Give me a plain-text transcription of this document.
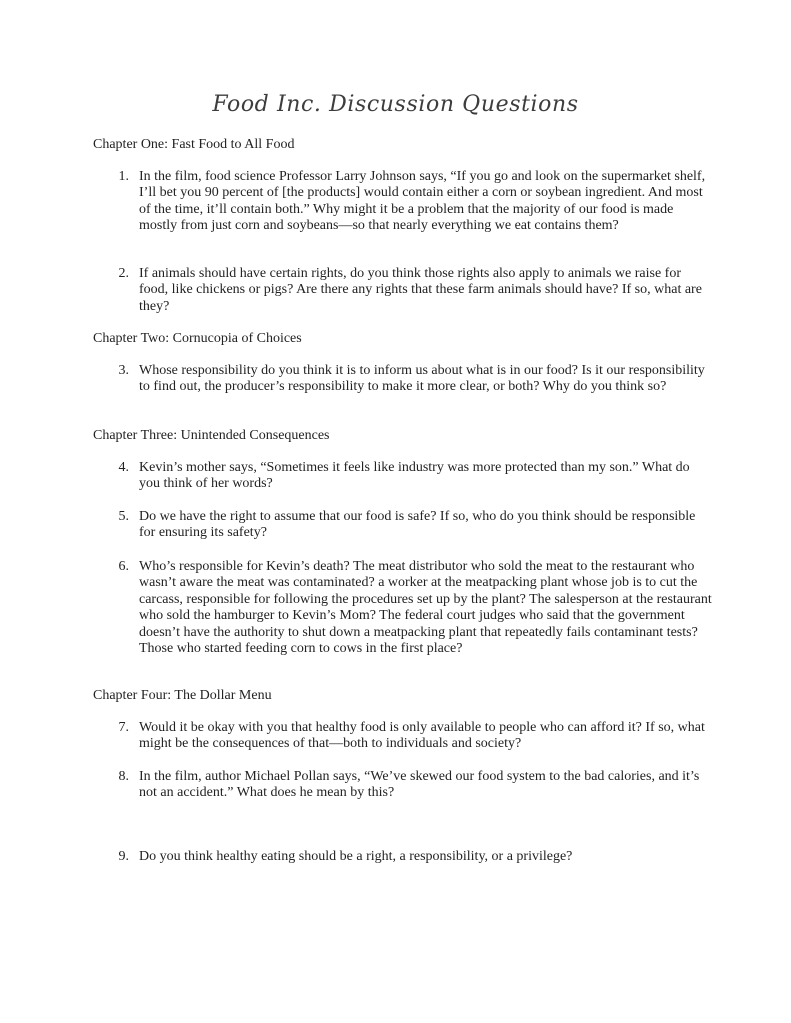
Food Inc. Discussion Questions
Chapter One: Fast Food to All Food
1. In the film, food science Professor Larry Johnson says, “If you go and look on the supermarket shelf, I’ll bet you 90 percent of [the products] would contain either a corn or soybean ingredient. And most of the time, it’ll contain both.” Why might it be a problem that the majority of our food is made mostly from just corn and soybeans—so that nearly everything we eat contains them?
2. If animals should have certain rights, do you think those rights also apply to animals we raise for food, like chickens or pigs? Are there any rights that these farm animals should have? If so, what are they?
Chapter Two: Cornucopia of Choices
3. Whose responsibility do you think it is to inform us about what is in our food? Is it our responsibility to find out, the producer’s responsibility to make it more clear, or both? Why do you think so?
Chapter Three: Unintended Consequences
4. Kevin’s mother says, “Sometimes it feels like industry was more protected than my son.” What do you think of her words?
5. Do we have the right to assume that our food is safe? If so, who do you think should be responsible for ensuring its safety?
6. Who’s responsible for Kevin’s death? The meat distributor who sold the meat to the restaurant who wasn’t aware the meat was contaminated? a worker at the meatpacking plant whose job is to cut the carcass, responsible for following the procedures set up by the plant? The salesperson at the restaurant who sold the hamburger to Kevin’s Mom? The federal court judges who said that the government doesn’t have the authority to shut down a meatpacking plant that repeatedly fails contaminant tests? Those who started feeding corn to cows in the first place?
Chapter Four: The Dollar Menu
7. Would it be okay with you that healthy food is only available to people who can afford it? If so, what might be the consequences of that—both to individuals and society?
8. In the film, author Michael Pollan says, “We’ve skewed our food system to the bad calories, and it’s not an accident.” What does he mean by this?
9. Do you think healthy eating should be a right, a responsibility, or a privilege?
